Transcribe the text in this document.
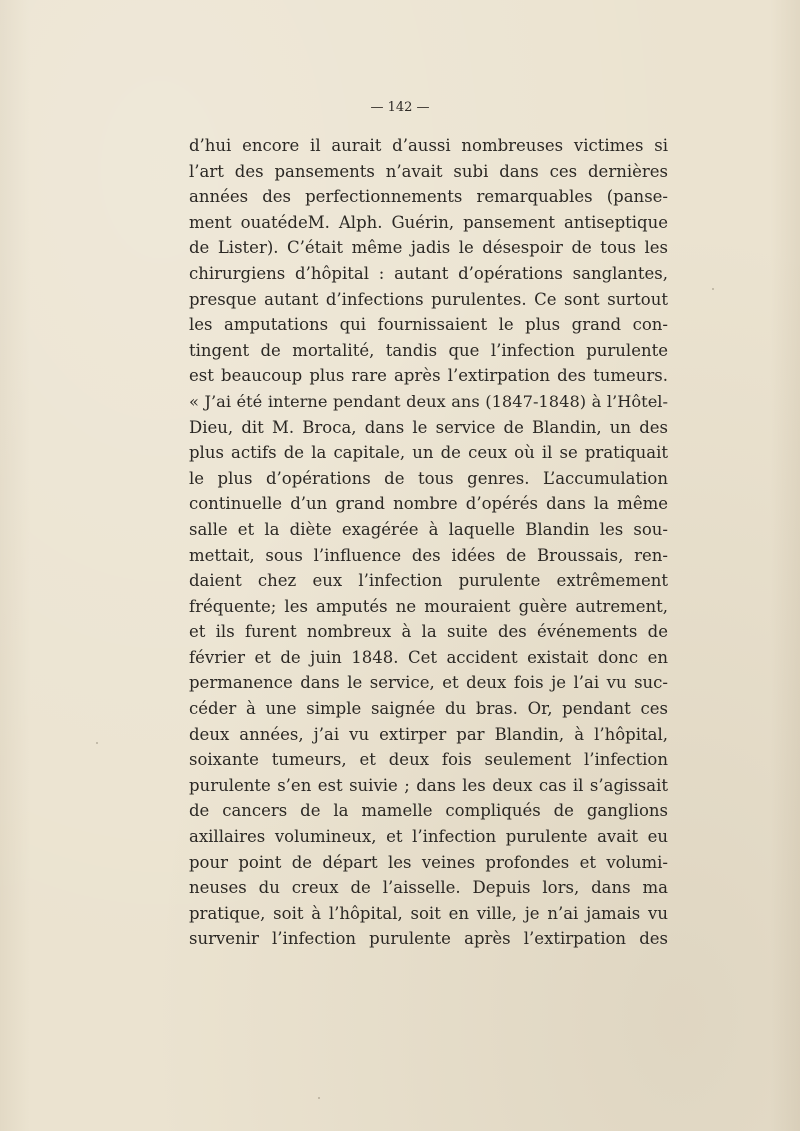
— 142 —
d’hui encore il aurait d’aussi nombreuses victimes si
l’art des pansements n’avait subi dans ces dernières
années des perfectionnements remarquables (panse-
ment ouatédeM. Alph. Guérin, pansement antiseptique
de Lister). C’était même jadis le désespoir de tous les
chirurgiens d’hôpital : autant d’opérations sanglantes,
presque autant d’infections purulentes. Ce sont surtout
les amputations qui fournissaient le plus grand con-
tingent de mortalité, tandis que l’infection purulente
est beaucoup plus rare après l’extirpation des tumeurs.
« J’ai été interne pendant deux ans (1847-1848) à l’Hôtel-
Dieu, dit M. Broca, dans le service de Blandin, un des
plus actifs de la capitale, un de ceux où il se pratiquait
le plus d’opérations de tous genres. L’accumulation
continuelle d’un grand nombre d’opérés dans la même
salle et la diète exagérée à laquelle Blandin les sou-
mettait, sous l’influence des idées de Broussais, ren-
daient chez eux l’infection purulente extrêmement
fréquente; les amputés ne mouraient guère autrement,
et ils furent nombreux à la suite des événements de
février et de juin 1848. Cet accident existait donc en
permanence dans le service, et deux fois je l’ai vu suc-
céder à une simple saignée du bras. Or, pendant ces
deux années, j’ai vu extirper par Blandin, à l’hôpital,
soixante tumeurs, et deux fois seulement l’infection
purulente s’en est suivie ; dans les deux cas il s’agissait
de cancers de la mamelle compliqués de ganglions
axillaires volumineux, et l’infection purulente avait eu
pour point de départ les veines profondes et volumi-
neuses du creux de l’aisselle. Depuis lors, dans ma
pratique, soit à l’hôpital, soit en ville, je n’ai jamais vu
survenir l’infection purulente après l’extirpation des
